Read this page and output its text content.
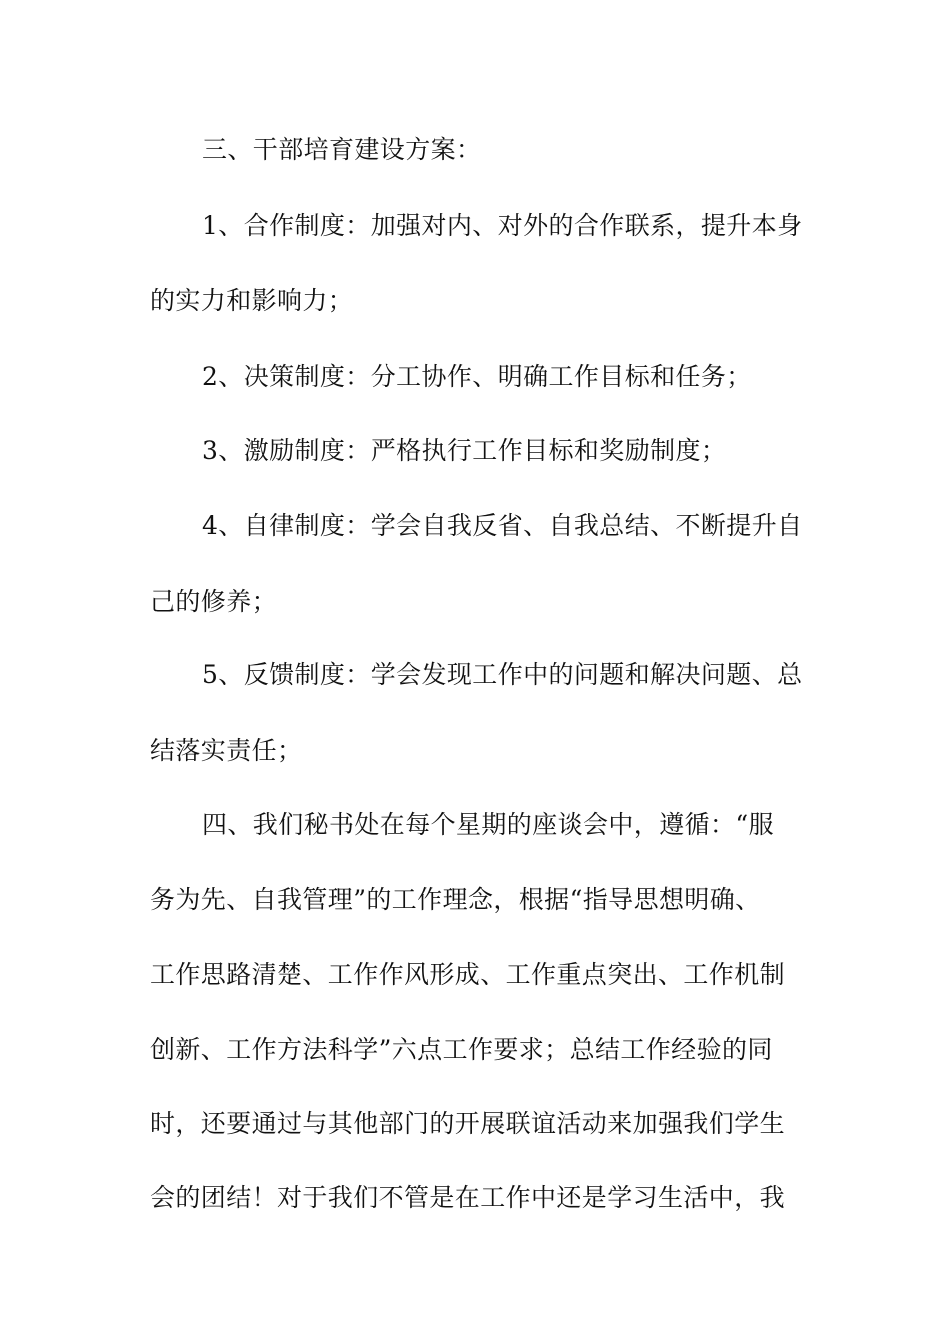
三、干部培育建设方案：
1、合作制度：加强对内、对外的合作联系，提升本身
的实力和影响力；
2、决策制度：分工协作、明确工作目标和任务；
3、激励制度：严格执行工作目标和奖励制度；
4、自律制度：学会自我反省、自我总结、不断提升自
己的修养；
5、反馈制度：学会发现工作中的问题和解决问题、总
结落实责任；
四、我们秘书处在每个星期的座谈会中，遵循：“服
务为先、自我管理”的工作理念，根据“指导思想明确、
工作思路清楚、工作作风形成、工作重点突出、工作机制
创新、工作方法科学”六点工作要求；总结工作经验的同
时，还要通过与其他部门的开展联谊活动来加强我们学生
会的团结！对于我们不管是在工作中还是学习生活中，我
